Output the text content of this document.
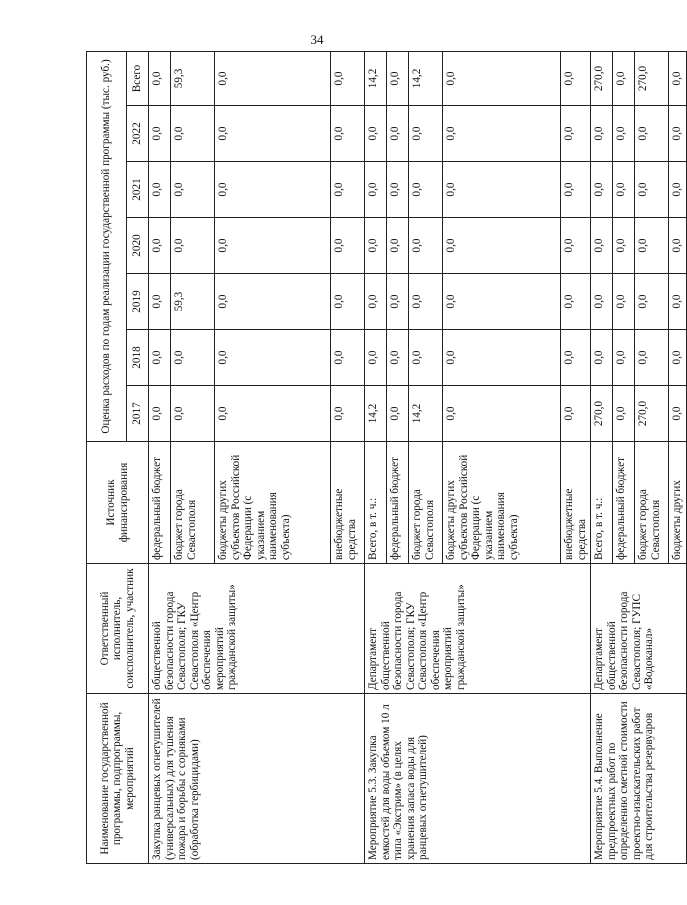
34
Наименование государственной программы, подпрограммы, мероприятий	Ответственный исполнитель, соисполнитель, участник	Источник финансирования	Оценка расходов по годам реализации государственной программы (тыс. руб.)						
			2017	2018	2019	2020	2021	2022	Всего
Закупка ранцевых огнетушителей (универсальных) для тушения пожара и борьбы с сорняками (обработка гербицидами)	общественной безопасности города Севастополя; ГКУ Севастополя «Центр обеспечения мероприятий гражданской защиты»	федеральный бюджет	0,0	0,0	0,0	0,0	0,0	0,0	0,0
		бюджет города Севастополя	0,0	0,0	59,3	0,0	0,0	0,0	59,3
		бюджеты других субъектов Российской Федерации (с указанием наименования субъекта)	0,0	0,0	0,0	0,0	0,0	0,0	0,0
		внебюджетные средства	0,0	0,0	0,0	0,0	0,0	0,0	0,0
Мероприятие 5.3. Закупка емкостей для воды объемом 10 л типа «Экстрим» (в целях хранения запаса воды для ранцевых огнетушителей)	Департамент общественной безопасности города Севастополя; ГКУ Севастополя «Центр обеспечения мероприятий гражданской защиты»	Всего, в т. ч.:	14,2	0,0	0,0	0,0	0,0	0,0	14,2
		федеральный бюджет	0,0	0,0	0,0	0,0	0,0	0,0	0,0
		бюджет города Севастополя	14,2	0,0	0,0	0,0	0,0	0,0	14,2
		бюджеты других субъектов Российской Федерации (с указанием наименования субъекта)	0,0	0,0	0,0	0,0	0,0	0,0	0,0
		внебюджетные средства	0,0	0,0	0,0	0,0	0,0	0,0	0,0
Мероприятие 5.4. Выполнение предпроектных работ по определению сметной стоимости проектно-изыскательских работ для строительства резервуаров	Департамент общественной безопасности города Севастополя; ГУПС «Водоканал»	Всего, в т. ч.:	270,0	0,0	0,0	0,0	0,0	0,0	270,0
		федеральный бюджет	0,0	0,0	0,0	0,0	0,0	0,0	0,0
		бюджет города Севастополя	270,0	0,0	0,0	0,0	0,0	0,0	270,0
		бюджеты других	0,0	0,0	0,0	0,0	0,0	0,0	0,0
